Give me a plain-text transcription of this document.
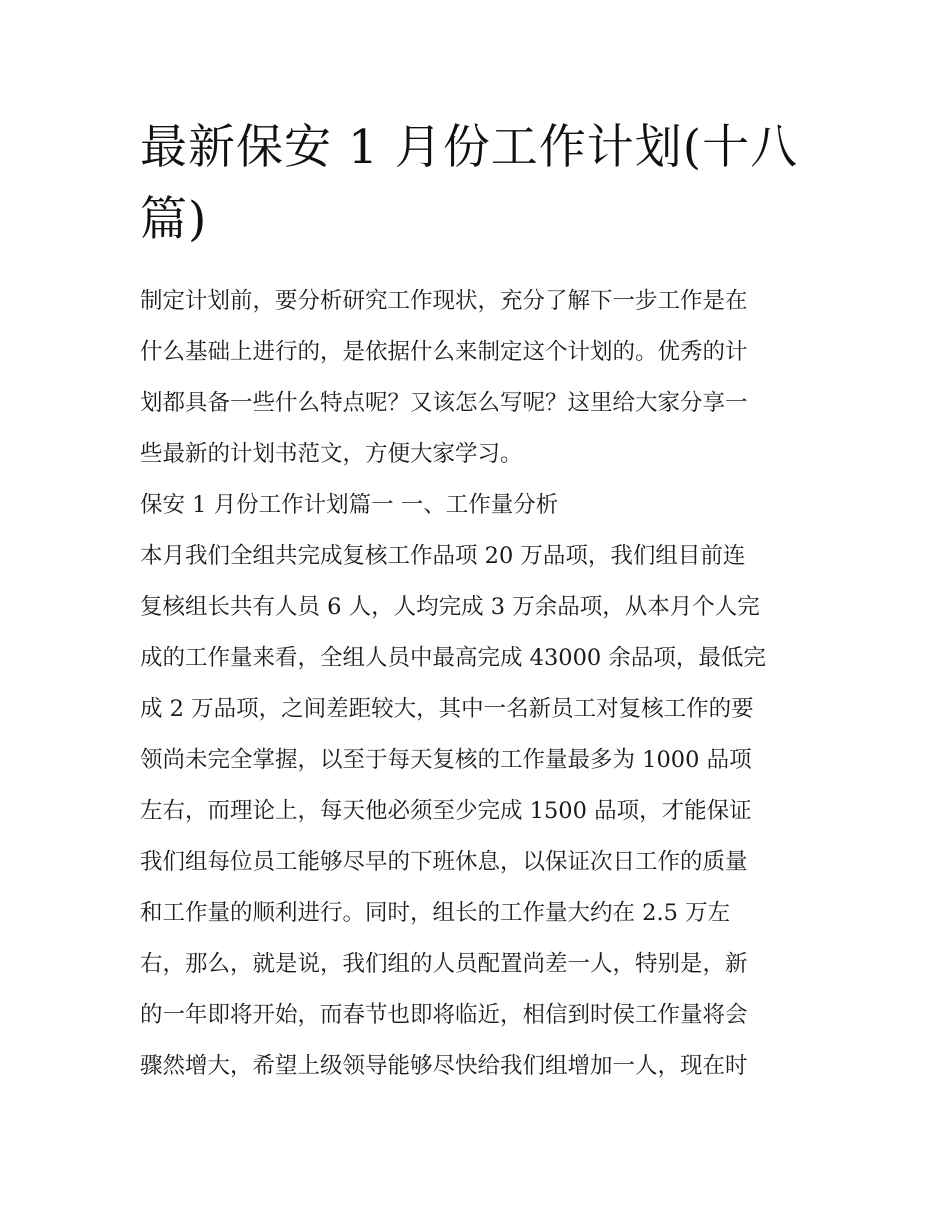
最新保安 1 月份工作计划(十八
篇)
制定计划前，要分析研究工作现状，充分了解下一步工作是在
什么基础上进行的，是依据什么来制定这个计划的。优秀的计
划都具备一些什么特点呢？又该怎么写呢？这里给大家分享一
些最新的计划书范文，方便大家学习。
保安 1 月份工作计划篇一 一、工作量分析
本月我们全组共完成复核工作品项 20 万品项，我们组目前连
复核组长共有人员 6 人，人均完成 3 万余品项，从本月个人完
成的工作量来看，全组人员中最高完成 43000 余品项，最低完
成 2 万品项，之间差距较大，其中一名新员工对复核工作的要
领尚未完全掌握，以至于每天复核的工作量最多为 1000 品项
左右，而理论上，每天他必须至少完成 1500 品项，才能保证
我们组每位员工能够尽早的下班休息，以保证次日工作的质量
和工作量的顺利进行。同时，组长的工作量大约在 2.5 万左
右，那么，就是说，我们组的人员配置尚差一人，特别是，新
的一年即将开始，而春节也即将临近，相信到时侯工作量将会
骤然增大，希望上级领导能够尽快给我们组增加一人，现在时
